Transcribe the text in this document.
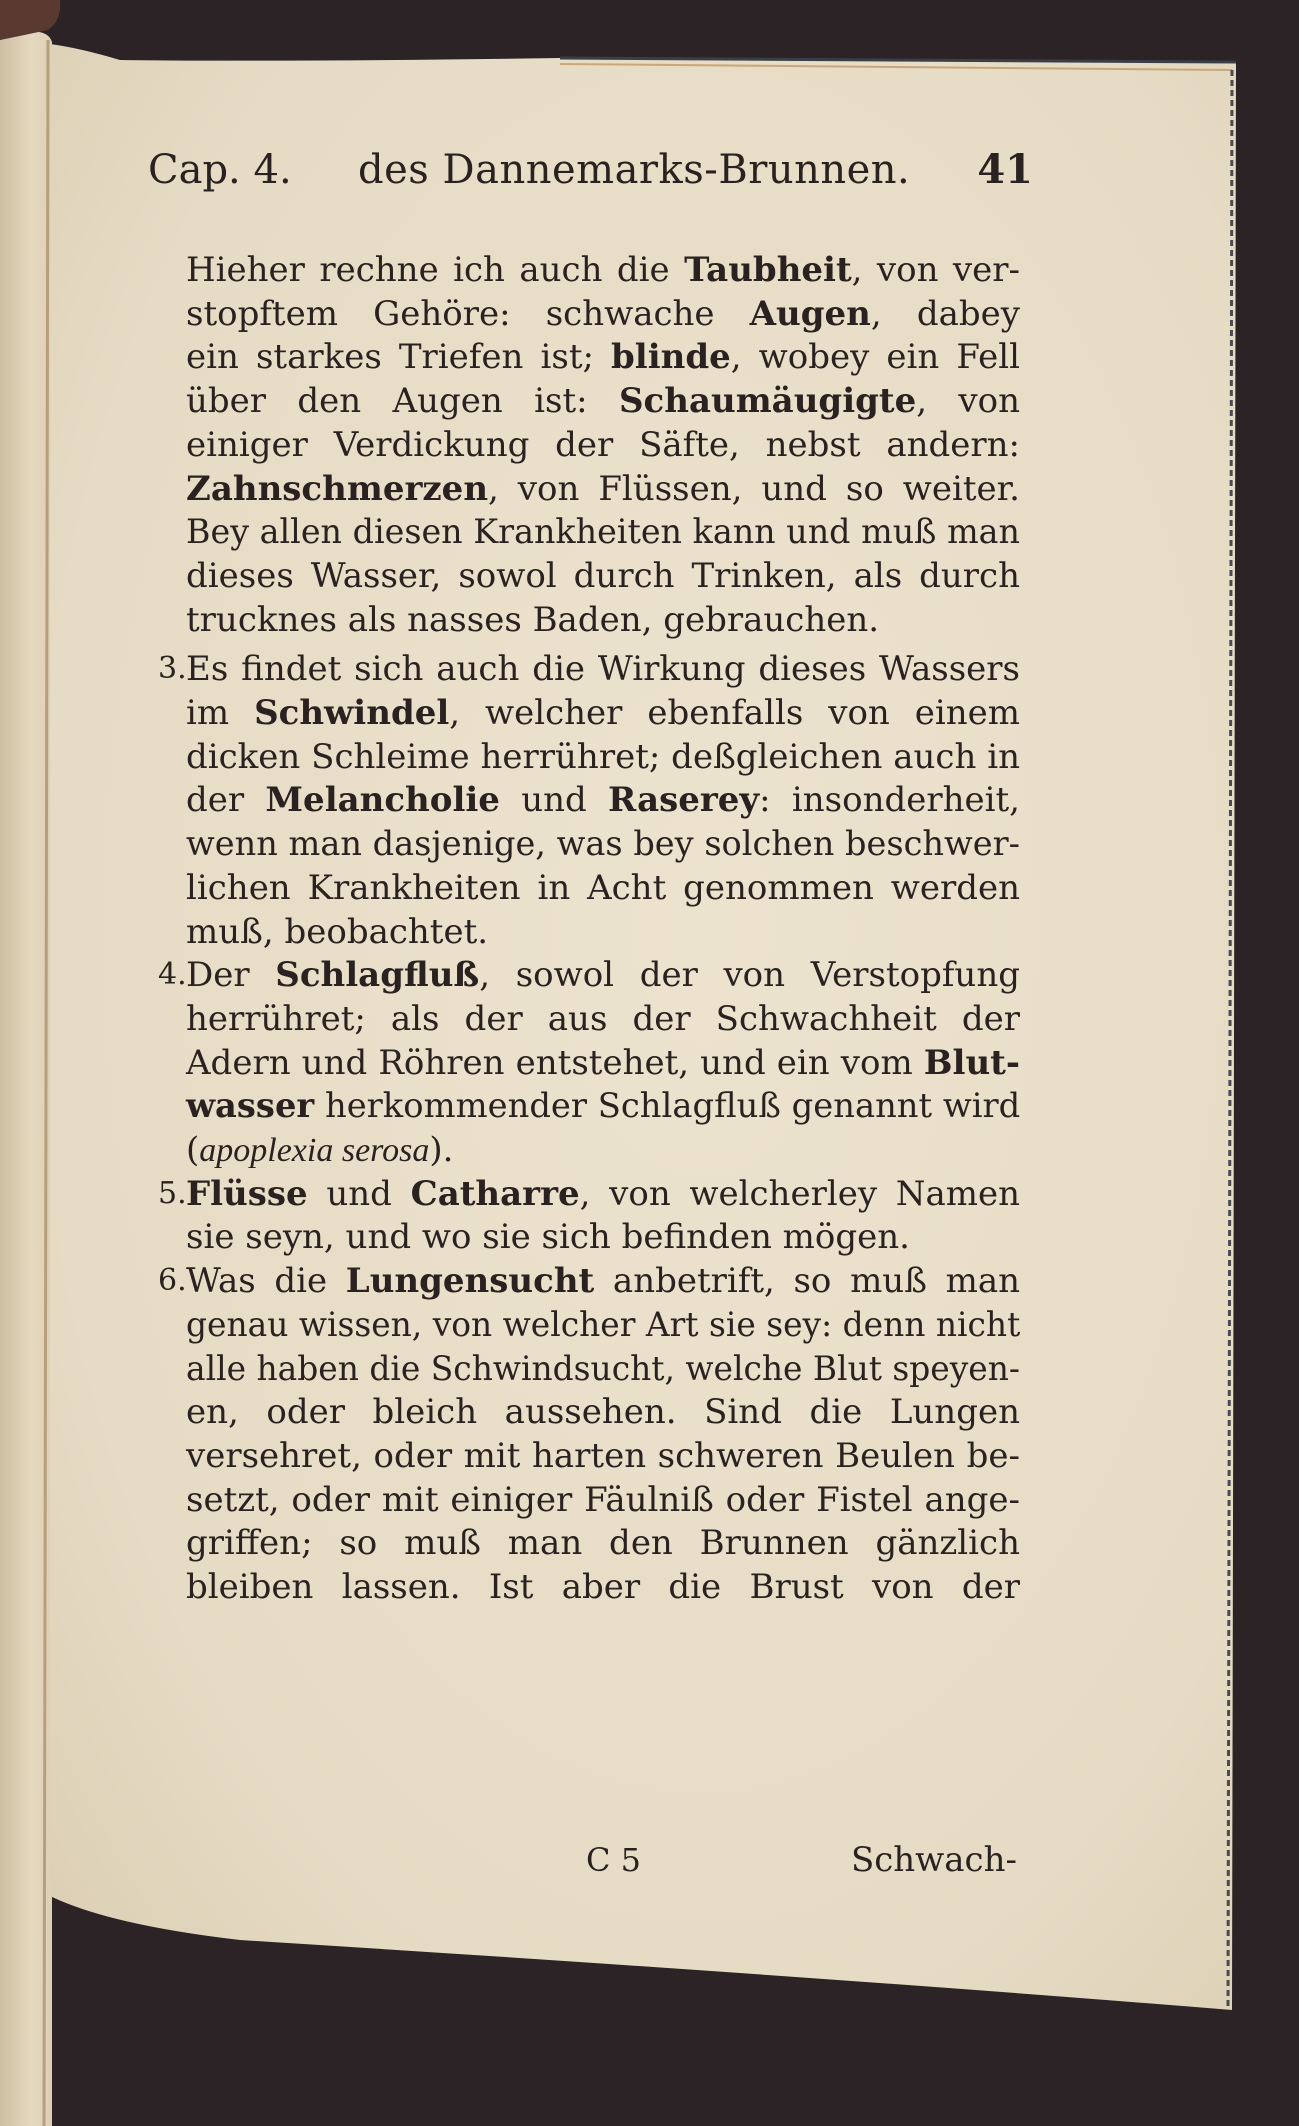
Cap. 4. des Dannemarks-Brunnen. 41
Hieher rechne ich auch die Taubheit, von ver-
stopftem Gehöre: schwache Augen, dabey
ein starkes Triefen ist; blinde, wobey ein Fell
über den Augen ist: Schaumäugigte, von
einiger Verdickung der Säfte, nebst andern:
Zahnschmerzen, von Flüssen, und so weiter.
Bey allen diesen Krankheiten kann und muß man
dieses Wasser, sowol durch Trinken, als durch
trucknes als nasses Baden, gebrauchen.
3. Es findet sich auch die Wirkung dieses Wassers
im Schwindel, welcher ebenfalls von einem
dicken Schleime herrühret; deßgleichen auch in
der Melancholie und Raserey: insonderheit,
wenn man dasjenige, was bey solchen beschwer-
lichen Krankheiten in Acht genommen werden
muß, beobachtet.
4. Der Schlagfluß, sowol der von Verstopfung
herrühret; als der aus der Schwachheit der
Adern und Röhren entstehet, und ein vom Blut-
wasser herkommender Schlagfluß genannt wird
(apoplexia serosa).
5. Flüsse und Catharre, von welcherley Namen
sie seyn, und wo sie sich befinden mögen.
6. Was die Lungensucht anbetrift, so muß man
genau wissen, von welcher Art sie sey: denn nicht
alle haben die Schwindsucht, welche Blut speyen-
en, oder bleich aussehen. Sind die Lungen
versehret, oder mit harten schweren Beulen be-
setzt, oder mit einiger Fäulniß oder Fistel ange-
griffen; so muß man den Brunnen gänzlich
bleiben lassen. Ist aber die Brust von der
C 5	Schwach-
